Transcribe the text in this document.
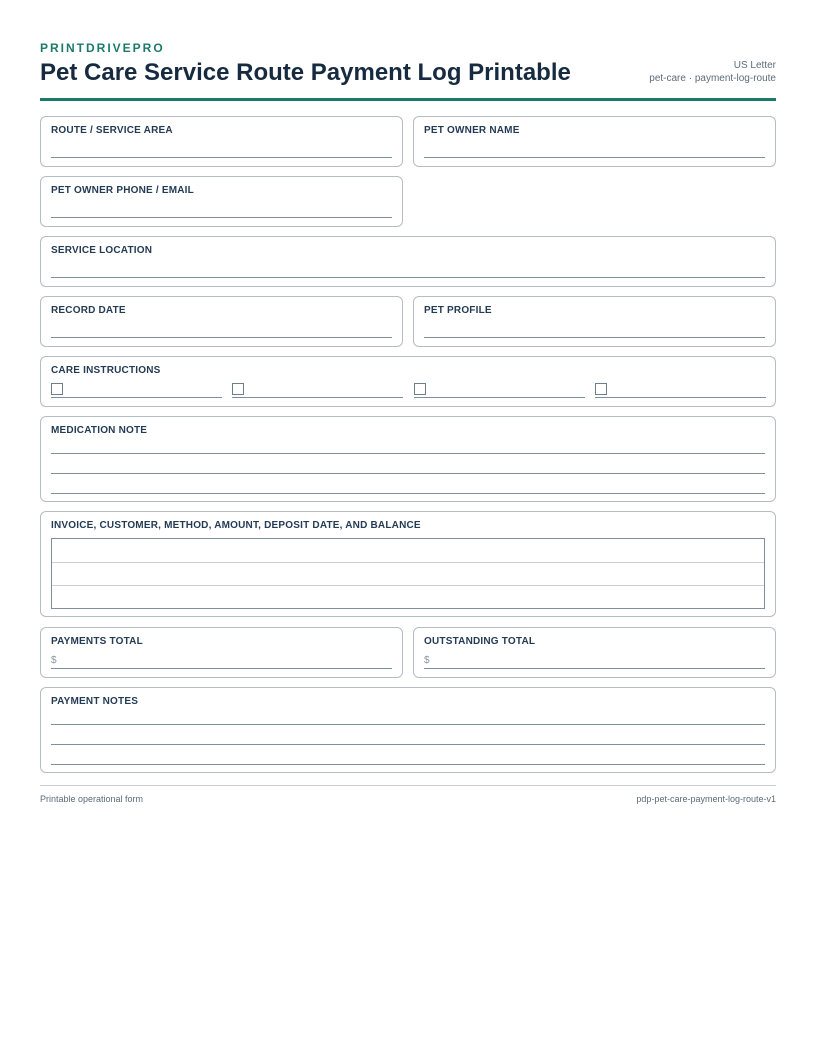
PRINTDRIVEPRO
Pet Care Service Route Payment Log Printable	US Letter
pet-care · payment-log-route
ROUTE / SERVICE AREA	PET OWNER NAME
PET OWNER PHONE / EMAIL
SERVICE LOCATION
RECORD DATE	PET PROFILE
CARE INSTRUCTIONS
MEDICATION NOTE
INVOICE, CUSTOMER, METHOD, AMOUNT, DEPOSIT DATE, AND BALANCE
PAYMENTS TOTAL
$
OUTSTANDING TOTAL
$
PAYMENT NOTES
Printable operational form	pdp-pet-care-payment-log-route-v1
